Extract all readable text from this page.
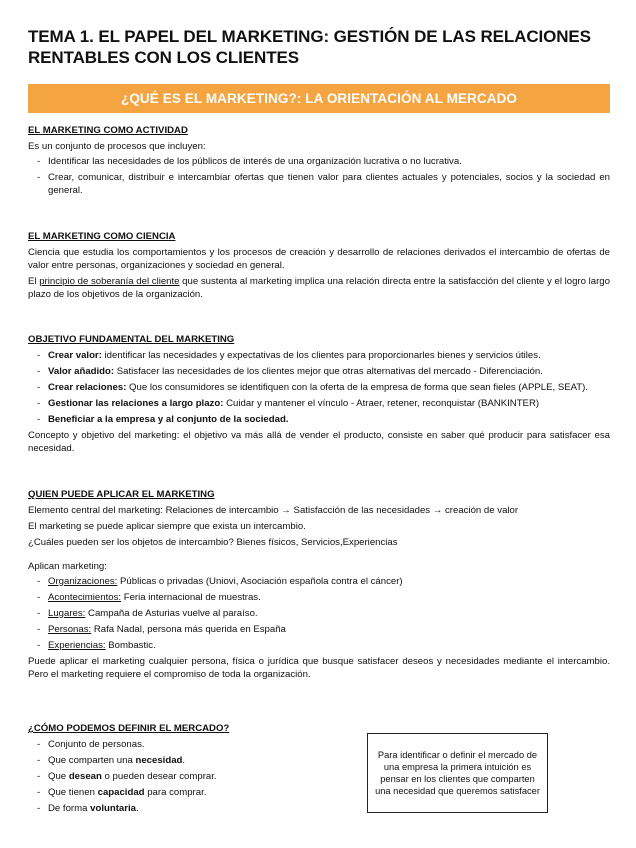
TEMA 1. EL PAPEL DEL MARKETING: GESTIÓN DE LAS RELACIONES RENTABLES CON LOS CLIENTES
¿QUÉ ES EL MARKETING?: LA ORIENTACIÓN AL MERCADO
EL MARKETING COMO ACTIVIDAD

Es un conjunto de procesos que incluyen:

- Identificar las necesidades de los públicos de interés de una organización lucrativa o no lucrativa.
- Crear, comunicar, distribuir e intercambiar ofertas que tienen valor para clientes actuales y potenciales, socios y la sociedad en general.
EL MARKETING COMO CIENCIA

Ciencia que estudia los comportamientos y los procesos de creación y desarrollo de relaciones derivados el intercambio de ofertas de valor entre personas, organizaciones y sociedad en general.

El principio de soberanía del cliente que sustenta al marketing implica una relación directa entre la satisfacción del cliente y el logro largo plazo de los objetivos de la organización.

OBJETIVO FUNDAMENTAL DEL MARKETING
- Crear valor: identificar las necesidades y expectativas de los clientes para proporcionarles bienes y servicios útiles.
- Valor añadido: Satisfacer las necesidades de los clientes mejor que otras alternativas del mercado - Diferenciación.
- Crear relaciones: Que los consumidores se identifiquen con la oferta de la empresa de forma que sean fieles (APPLE, SEAT).
- Gestionar las relaciones a largo plazo: Cuidar y mantener el vínculo - Atraer, retener, reconquistar (BANKINTER)
- Beneficiar a la empresa y al conjunto de la sociedad.

Concepto y objetivo del marketing: el objetivo va más allá de vender el producto, consiste en saber qué producir para satisfacer esa necesidad.

QUIEN PUEDE APLICAR EL MARKETING

Elemento central del marketing: Relaciones de intercambio → Satisfacción de las necesidades → creación de valor

El marketing se puede aplicar siempre que exista un intercambio.

¿Cuáles pueden ser los objetos de intercambio? Bienes físicos, Servicios,Experiencias

Aplican marketing:

- Organizaciones: Públicas o privadas (Uniovi, Asociación española contra el cáncer)
- Acontecimientos: Feria internacional de muestras.
- Lugares: Campaña de Asturias vuelve al paraíso.
- Personas: Rafa Nadal, persona más querida en España
- Experiencias: Bombastic.

Puede aplicar el marketing cualquier persona, física o jurídica que busque satisfacer deseos y necesidades mediante el intercambio. Pero el marketing requiere el compromiso de toda la organización.

¿CÓMO PODEMOS DEFINIR EL MERCADO?
- Conjunto de personas.
- Que comparten una necesidad.
- Que desean o pueden desear comprar.
- Que tienen capacidad para comprar.
- De forma voluntaria.
Para identificar o definir el mercado de una empresa la primera intuición es pensar en los clientes que comparten una necesidad que queremos satisfacer
